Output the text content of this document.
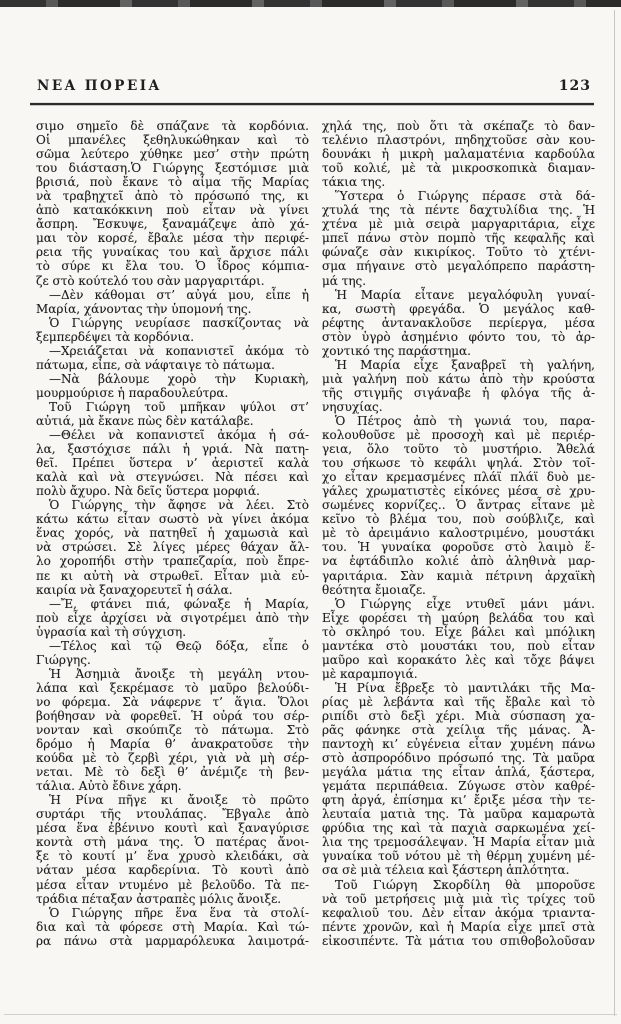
ΝΕΑ ΠΟΡΕΙΑ	123

σιμο σημεῖο δὲ σπάζανε τὰ κορδόνια.
Οἱ μπανέλες ξεθηλυκώθηκαν καὶ τὸ
σῶμα λεύτερο χύθηκε μεσ’ στὴν πρώτη
του διάσταση.Ὁ Γιώργης ξεστόμισε μιὰ
βρισιά, ποὺ ἔκανε τὸ αἷμα τῆς Μαρίας
νὰ τραβηχτεῖ ἀπὸ τὸ πρόσωπό της, κι
ἀπὸ κατακόκκινη ποὺ εἶταν νὰ γίνει
ἄσπρη. Ἔσκυψε, ξαναμάζεψε ἀπὸ χά-
μαι τὸν κορσέ, ἔβαλε μέσα τὴν περιφέ-
ρεια τῆς γυναίκας του καὶ ἄρχισε πάλι
τὸ σύρε κι ἔλα του. Ὁ ἶδρος κόμπια-
ζε στὸ κούτελό του σὰν μαργαριτάρι.

—Δὲν κάθομαι στ’ αὐγά μου, εἶπε ἡ
Μαρία, χάνοντας τὴν ὑπομονή της.

Ὁ Γιώργης νευρίασε πασκίζοντας νὰ
ξεμπερδέψει τὰ κορδόνια.

—Χρειάζεται νὰ κοπανιστεῖ ἀκόμα τὸ
πάτωμα, εἶπε, σὰ νάφταιγε τὸ πάτωμα.

—Νὰ βάλουμε χορὸ τὴν Κυριακὴ,
μουρμούρισε ἡ παραδουλεύτρα.

Τοῦ Γιώργη τοῦ μπῆκαν ψύλοι στ’
αὐτιά, μὰ ἔκανε πὼς δὲν κατάλαβε.

—Θέλει νὰ κοπανιστεῖ ἀκόμα ἡ σά-
λα, ξαστόχισε πάλι ἡ γριά. Νὰ πατη-
θεῖ. Πρέπει ὕστερα ν’ ἀεριστεῖ καλὰ
καλὰ καὶ νὰ στεγνώσει. Νὰ πέσει καὶ
πολὺ ἄχυρο. Νὰ δεῖς ὕστερα μορφιά.

Ὁ Γιώργης τὴν ἄφησε νὰ λέει. Στὸ
κάτω κάτω εἶταν σωστὸ νὰ γίνει ἀκόμα
ἕνας χορός, νὰ πατηθεῖ ἡ χαμωσιὰ καὶ
νὰ στρώσει. Σὲ λίγες μέρες θάχαν ἄλ-
λο χοροπήδι στὴν τραπεζαρία, ποὺ ἔπρε-
πε κι αὐτὴ νὰ στρωθεῖ. Εἶταν μιὰ εὐ-
καιρία νὰ ξαναχορευτεῖ ἡ σάλα.

—Ἔ, φτάνει πιά, φώναξε ἡ Μαρία,
ποὺ εἶχε ἀρχίσει νὰ σιγοτρέμει ἀπὸ τὴν
ὑγρασία καὶ τὴ σύγχιση.

—Τέλος καὶ τῷ Θεῷ δόξα, εἶπε ὁ
Γιώργης.

Ἡ Ἀσημιὰ ἄνοιξε τὴ μεγάλη ντου-
λάπα καὶ ξεκρέμασε τὸ μαῦρο βελούδι-
νο φόρεμα. Σὰ νάφερνε τ’ ἅγια. Ὅλοι
βοήθησαν νὰ φορεθεῖ. Ἡ οὐρά του σέρ-
νονταν καὶ σκούπιζε τὸ πάτωμα. Στὸ
δρόμο ἡ Μαρία θ’ ἀνακρατοῦσε τὴν
κούδα μὲ τὸ ζερβὶ χέρι, γιὰ νὰ μὴ σέρ-
νεται. Μὲ τὸ δεξὶ θ’ ἀνέμιζε τὴ βεν-
τάλια. Αὐτὸ ἔδινε χάρη.

Ἡ Ρίνα πῆγε κι ἄνοιξε τὸ πρῶτο
συρτάρι τῆς ντουλάπας. Ἔβγαλε ἀπὸ
μέσα ἕνα ἐβένινο κουτὶ καὶ ξαναγύρισε
κοντὰ στὴ μάνα της. Ὁ πατέρας ἄνοι-
ξε τὸ κουτί μ’ ἕνα χρυσὸ κλειδάκι, σὰ
νάταν μέσα καρδερίνια. Τὸ κουτὶ ἀπὸ
μέσα εἶταν ντυμένο μὲ βελοῦδο. Τὰ πε-
τράδια πέταξαν ἀστραπὲς μόλις ἄνοιξε.

Ὁ Γιώργης πῆρε ἕνα ἕνα τὰ στολί-
δια καὶ τὰ φόρεσε στὴ Μαρία. Καὶ τώ-
ρα πάνω στὰ μαρμαρόλευκα λαιμοτρά-

χηλά της, ποὺ ὅτι τὰ σκέπαζε τὸ δαν-
τελένιο πλαστρόνι, πηδηχτοῦσε σὰν κου-
δουνάκι ἡ μικρὴ μαλαματένια καρδούλα
τοῦ κολιέ, μὲ τὰ μικροσκοπικὰ διαμαν-
τάκια της.

Ὕστερα ὁ Γιώργης πέρασε στὰ δά-
χτυλά της τὰ πέντε δαχτυλίδια της. Ἡ
χτένα μὲ μιὰ σειρὰ μαργαριτάρια, εἶχε
μπεῖ πάνω στὸν πομπὸ τῆς κεφαλῆς καὶ
φώναζε σὰν κικιρίκος. Τοῦτο τὸ χτένι-
σμα πήγαινε στὸ μεγαλόπρεπο παράστη-
μά της.

Ἡ Μαρία εἶτανε μεγαλόφυλη γυναί-
κα, σωστὴ φρεγάδα. Ὁ μεγάλος καθ-
ρέφτης ἀντανακλοῦσε περίεργα, μέσα
στὸν ὑγρὸ ἀσημένιο φόντο του, τὸ ἀρ-
χοντικό της παράστημα.

Ἡ Μαρία εἶχε ξαναβρεῖ τὴ γαλήνη,
μιὰ γαλήνη ποὺ κάτω ἀπὸ τὴν κρούστα
τῆς στιγμῆς σιγάναβε ἡ φλόγα τῆς ἀ-
νησυχίας.

Ὁ Πέτρος ἀπὸ τὴ γωνιά του, παρα-
κολουθοῦσε μὲ προσοχὴ καὶ μὲ περιέρ-
γεια, ὅλο τοῦτο τὸ μυστήριο. Ἄθελά
του σήκωσε τὸ κεφάλι ψηλά. Στὸν τοῖ-
χο εἶταν κρεμασμένες πλάϊ πλάϊ δυὸ με-
γάλες χρωματιστὲς εἰκόνες μέσα σὲ χρυ-
σωμένες κορνίζες.. Ὁ ἄντρας εἶτανε μὲ
κεῖνο τὸ βλέμα του, ποὺ σούβλιζε, καὶ
μὲ τὸ ἀρειμάνιο καλοστριμένο, μουστάκι
του. Ἡ γυναίκα φοροῦσε στὸ λαιμὸ ἕ-
να ἑφτάδιπλο κολιέ ἀπὸ ἀληθινὰ μαρ-
γαριτάρια. Σὰν καμιὰ πέτρινη ἀρχαϊκὴ
θεότητα ἔμοιαζε.

Ὁ Γιώργης εἶχε ντυθεῖ μάνι μάνι.
Εἶχε φορέσει τὴ μαύρη βελάδα του καὶ
τὸ σκληρό του. Εἶχε βάλει καὶ μπόλικη
μαντέκα στὸ μουστάκι του, ποὺ εἶταν
μαῦρο καὶ κορακάτο λὲς καὶ τὄχε βάψει
μὲ καραμπογιά.

Ἡ Ρίνα ἔβρεξε τὸ μαντιλάκι τῆς Μα-
ρίας μὲ λεβάντα καὶ τῆς ἔβαλε καὶ τὸ
ριπίδι στὸ δεξὶ χέρι. Μιὰ σύσπαση χα-
ρᾶς φάνηκε στὰ χείλια τῆς μάνας. Ἀ-
παντοχὴ κι’ εὐγένεια εἶταν χυμένη πάνω
στὸ ἀσπρορόδινο πρόσωπό της. Τὰ μαῦρα
μεγάλα μάτια της εἶταν ἁπλά, ξάστερα,
γεμάτα περιπάθεια. Ζύγωσε στὸν καθρέ-
φτη ἀργά, ἐπίσημα κι’ ἔριξε μέσα τὴν τε-
λευταία ματιὰ της. Τὰ μαῦρα καμαρωτὰ
φρύδια της καὶ τὰ παχιὰ σαρκωμένα χεί-
λια της τρεμοσάλεψαν. Ἡ Μαρία εἶταν μιὰ
γυναίκα τοῦ νότου μὲ τὴ θέρμη χυμένη μέ-
σα σὲ μιὰ τέλεια καὶ ξάστερη ἁπλότητα.

Τοῦ Γιώργη Σκορδίλη θὰ μποροῦσε
νὰ τοῦ μετρήσεις μιὰ μιὰ τὶς τρίχες τοῦ
κεφαλιοῦ του. Δὲν εἶταν ἀκόμα τριαντα-
πέντε χρονῶν, καὶ ἡ Μαρία εἶχε μπεῖ στὰ
εἰκοσιπέντε. Τὰ μάτια του σπιθοβολοῦσαν
